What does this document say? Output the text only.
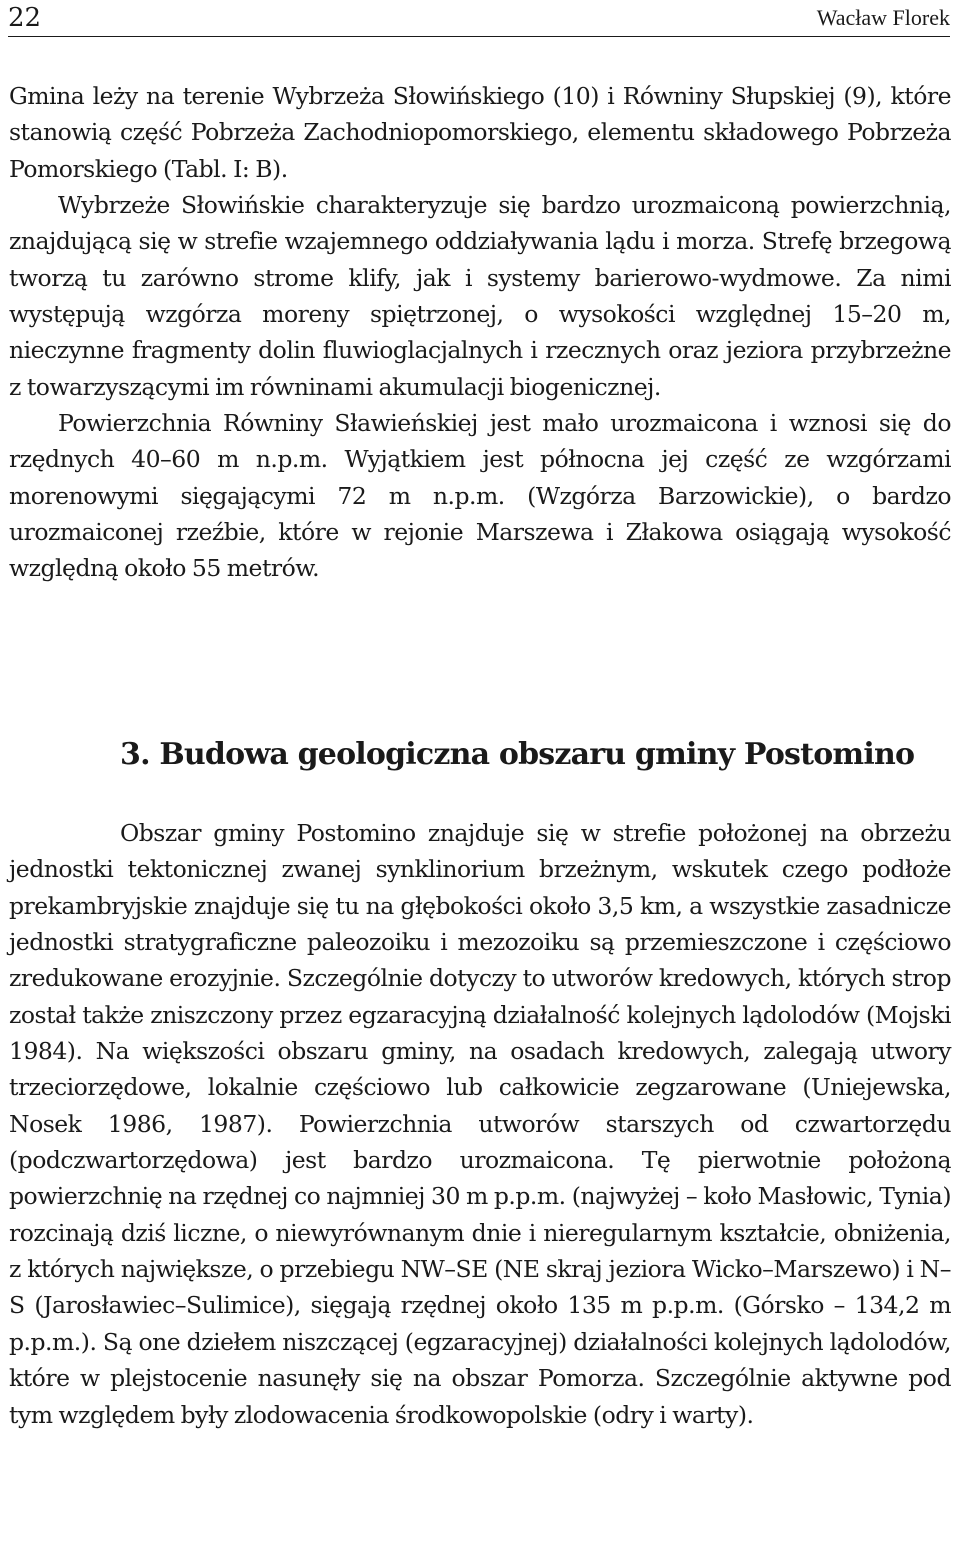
22	Wacław Florek

Gmina leży na terenie Wybrzeża Słowińskiego (10) i Równiny Słupskiej (9), które stanowią część Pobrzeża Zachodniopomorskiego, elementu składowego Pobrzeża Pomorskiego (Tabl. I: B).

Wybrzeże Słowińskie charakteryzuje się bardzo urozmaiconą powierzchnią, znajdującą się w strefie wzajemnego oddziaływania lądu i morza. Strefę brzegową tworzą tu zarówno strome klify, jak i systemy barierowo-wydmowe. Za nimi występują wzgórza moreny spiętrzonej, o wysokości względnej 15–20 m, nieczynne fragmenty dolin fluwioglacjalnych i rzecznych oraz jeziora przybrzeżne z towarzyszącymi im równinami akumulacji biogenicznej.

Powierzchnia Równiny Sławieńskiej jest mało urozmaicona i wznosi się do rzędnych 40–60 m n.p.m. Wyjątkiem jest północna jej część ze wzgórzami morenowymi sięgającymi 72 m n.p.m. (Wzgórza Barzowickie), o bardzo urozmaiconej rzeźbie, które w rejonie Marszewa i Złakowa osiągają wysokość względną około 55 metrów.

3. Budowa geologiczna obszaru gminy Postomino

Obszar gminy Postomino znajduje się w strefie położonej na obrzeżu jednostki tektonicznej zwanej synklinorium brzeżnym, wskutek czego podłoże prekambryjskie znajduje się tu na głębokości około 3,5 km, a wszystkie zasadnicze jednostki stratygraficzne paleozoiku i mezozoiku są przemieszczone i częściowo zredukowane erozyjnie. Szczególnie dotyczy to utworów kredowych, których strop został także zniszczony przez egzaracyjną działalność kolejnych lądolodów (Mojski 1984). Na większości obszaru gminy, na osadach kredowych, zalegają utwory trzeciorzędowe, lokalnie częściowo lub całkowicie zegzarowane (Uniejewska, Nosek 1986, 1987). Powierzchnia utworów starszych od czwartorzędu (podczwartorzędowa) jest bardzo urozmaicona. Tę pierwotnie położoną powierzchnię na rzędnej co najmniej 30 m p.p.m. (najwyżej – koło Masłowic, Tynia) rozcinają dziś liczne, o niewyrównanym dnie i nieregularnym kształcie, obniżenia, z których największe, o przebiegu NW–SE (NE skraj jeziora Wicko–Marszewo) i N–S (Jarosławiec–Sulimice), sięgają rzędnej około 135 m p.p.m. (Górsko – 134,2 m p.p.m.). Są one dziełem niszczącej (egzaracyjnej) działalności kolejnych lądolodów, które w plejstocenie nasunęły się na obszar Pomorza. Szczególnie aktywne pod tym względem były zlodowacenia środkowopolskie (odry i warty).
